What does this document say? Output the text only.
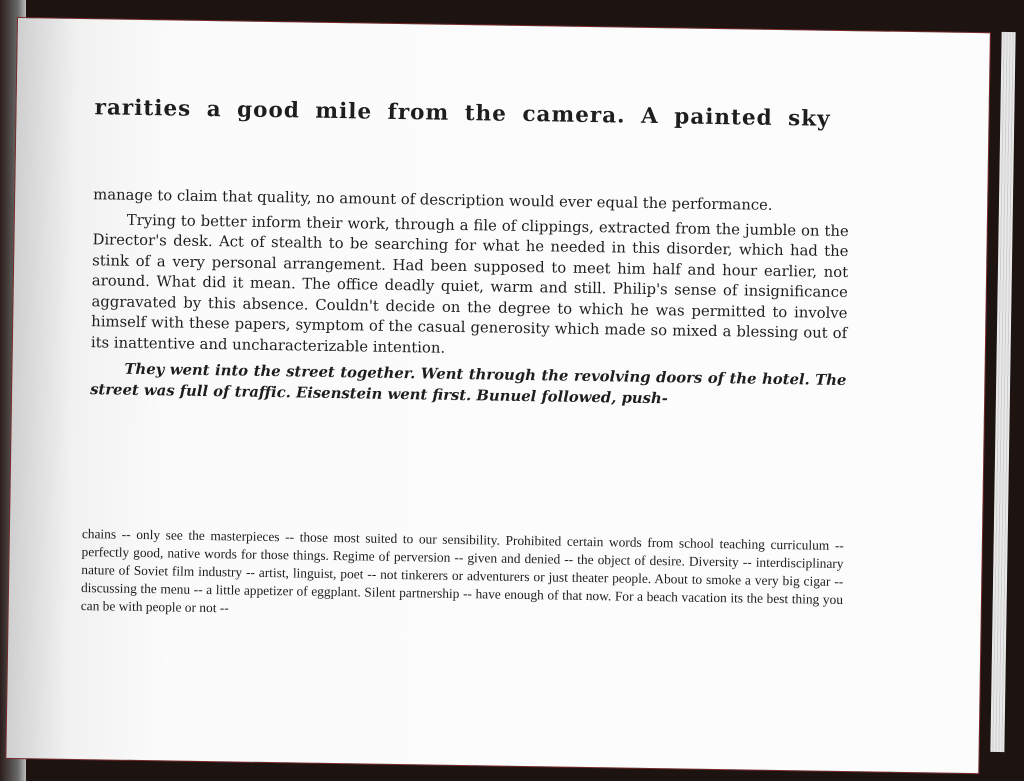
rarities a good mile from the camera. A painted sky

manage to claim that quality, no amount of description would ever equal the performance.

Trying to better inform their work, through a file of clippings, extracted from the jumble on the Director's desk. Act of stealth to be searching for what he needed in this disorder, which had the stink of a very personal arrangement. Had been supposed to meet him half and hour earlier, not around. What did it mean. The office deadly quiet, warm and still. Philip's sense of insignificance aggravated by this absence. Couldn't decide on the degree to which he was permitted to involve himself with these papers, symptom of the casual generosity which made so mixed a blessing out of its inattentive and uncharacterizable intention.

They went into the street together. Went through the revolving doors of the hotel. The street was full of traffic. Eisenstein went first. Bunuel followed, push-

chains -- only see the masterpieces -- those most suited to our sensibility. Prohibited certain words from school teaching curriculum -- perfectly good, native words for those things. Regime of perversion -- given and denied -- the object of desire. Diversity -- interdisciplinary nature of Soviet film industry -- artist, linguist, poet -- not tinkerers or adventurers or just theater people. About to smoke a very big cigar -- discussing the menu -- a little appetizer of eggplant. Silent partnership -- have enough of that now. For a beach vacation its the best thing you can be with people or not --
